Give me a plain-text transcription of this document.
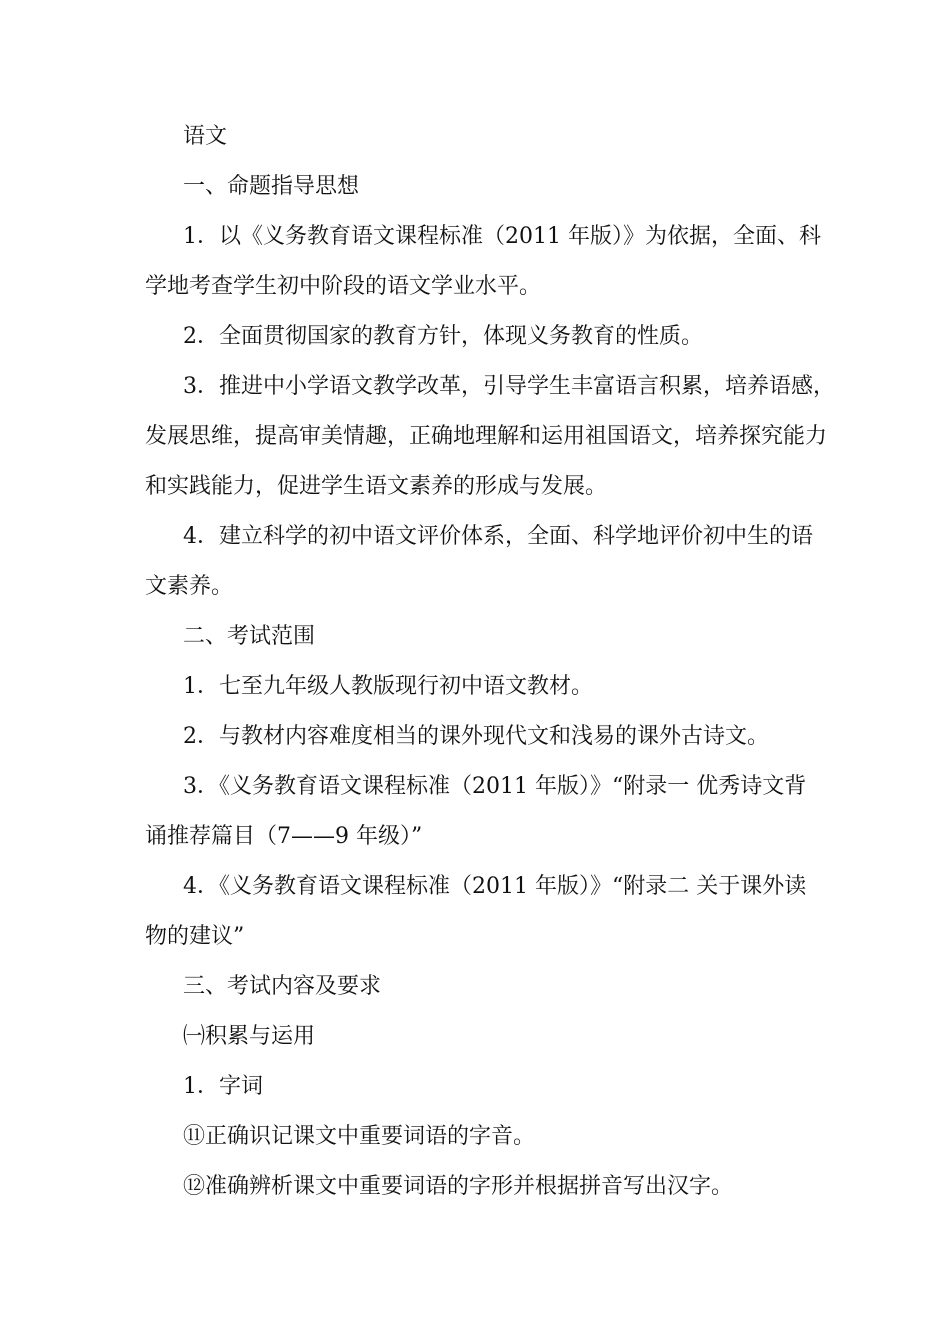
语文
一、命题指导思想
1．以《义务教育语文课程标准（2011 年版）》为依据，全面、科
学地考查学生初中阶段的语文学业水平。
2．全面贯彻国家的教育方针，体现义务教育的性质。
3．推进中小学语文教学改革，引导学生丰富语言积累，培养语感，
发展思维，提高审美情趣，正确地理解和运用祖国语文，培养探究能力
和实践能力，促进学生语文素养的形成与发展。
4．建立科学的初中语文评价体系，全面、科学地评价初中生的语
文素养。
二、考试范围
1．七至九年级人教版现行初中语文教材。
2．与教材内容难度相当的课外现代文和浅易的课外古诗文。
3．《义务教育语文课程标准（2011 年版）》“附录一 优秀诗文背
诵推荐篇目（7——9 年级）”
4．《义务教育语文课程标准（2011 年版）》“附录二 关于课外读
物的建议”
三、考试内容及要求
㈠积累与运用
1．字词
⑪正确识记课文中重要词语的字音。
⑫准确辨析课文中重要词语的字形并根据拼音写出汉字。
